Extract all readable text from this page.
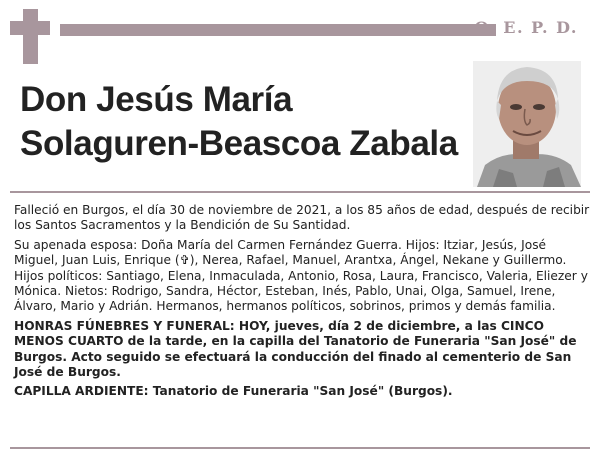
Q. E. P. D.
Don Jesús María
Solaguren-Beascoa Zabala

Falleció en Burgos, el día 30 de noviembre de 2021, a los 85 años de edad, después de recibir los Santos Sacramentos y la Bendición de Su Santidad.

Su apenada esposa: Doña María del Carmen Fernández Guerra. Hijos: Itziar, Jesús, José Miguel, Juan Luis, Enrique (✞), Nerea, Rafael, Manuel, Arantxa, Ángel, Nekane y Guillermo. Hijos políticos: Santiago, Elena, Inmaculada, Antonio, Rosa, Laura, Francisco, Valeria, Eliezer y Mónica. Nietos: Rodrigo, Sandra, Héctor, Esteban, Inés, Pablo, Unai, Olga, Samuel, Irene, Álvaro, Mario y Adrián. Hermanos, hermanos políticos, sobrinos, primos y demás familia.

HONRAS FÚNEBRES Y FUNERAL: HOY, jueves, día 2 de diciembre, a las CINCO MENOS CUARTO de la tarde, en la capilla del Tanatorio de Funeraria "San José" de Burgos. Acto seguido se efectuará la conducción del finado al cementerio de San José de Burgos.

CAPILLA ARDIENTE: Tanatorio de Funeraria "San José" (Burgos).
